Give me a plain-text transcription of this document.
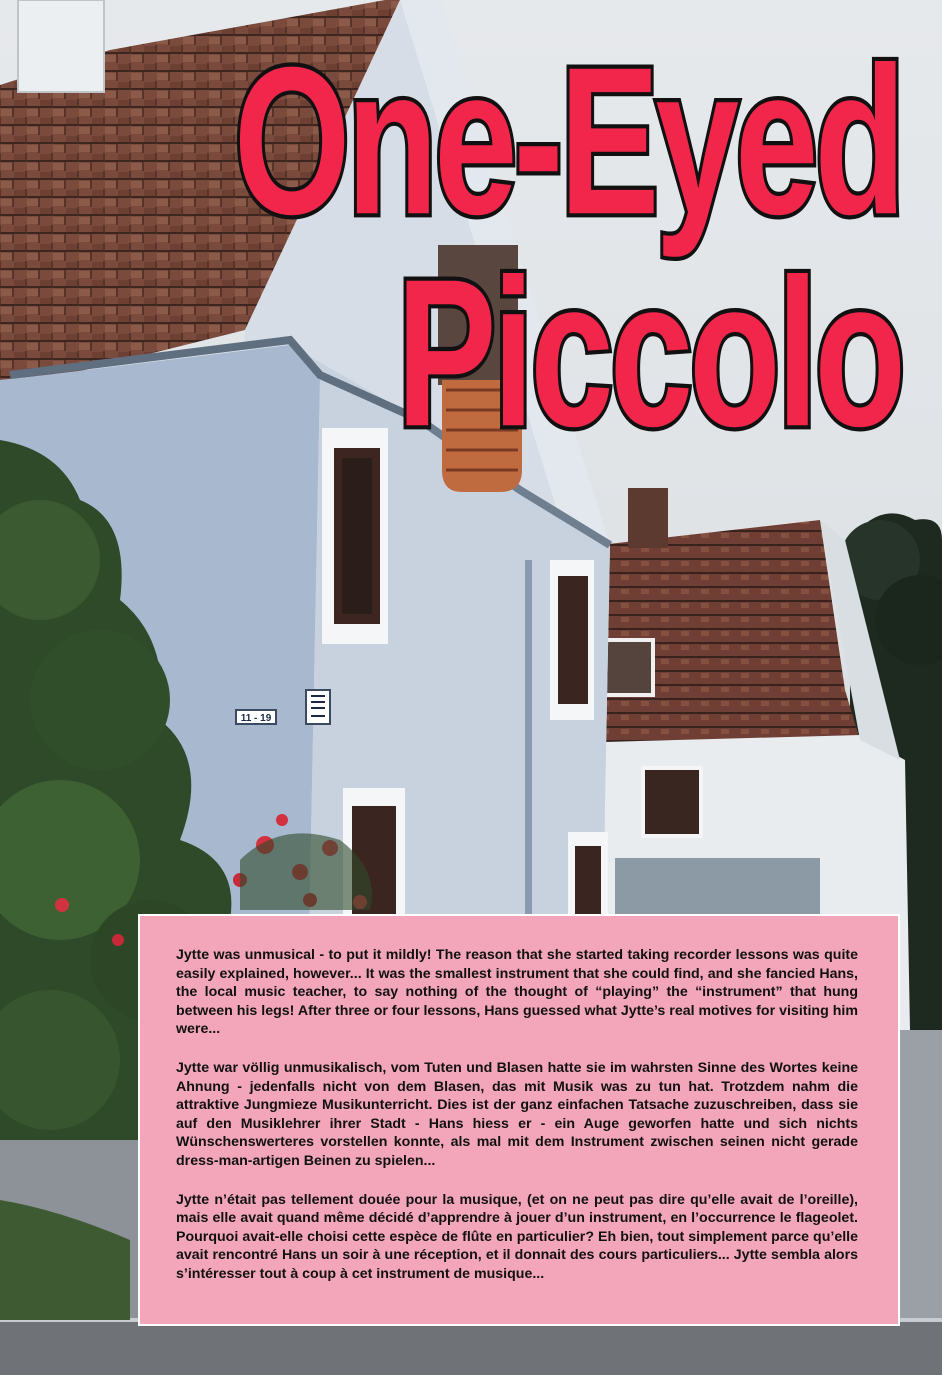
11 - 19
One-Eyed
Piccolo

Jytte was unmusical - to put it mildly! The reason that she started taking recorder lessons was quite easily explained, however... It was the smallest instrument that she could find, and she fancied Hans, the local music teacher, to say nothing of the thought of “playing” the “instrument” that hung between his legs! After three or four lessons, Hans guessed what Jytte’s real motives for visiting him were...

Jytte war völlig unmusikalisch, vom Tuten und Blasen hatte sie im wahrsten Sinne des Wortes keine Ahnung - jedenfalls nicht von dem Blasen, das mit Musik was zu tun hat. Trotzdem nahm die attraktive Jungmieze Musikunterricht. Dies ist der ganz einfachen Tatsache zuzuschreiben, dass sie auf den Musiklehrer ihrer Stadt - Hans hiess er - ein Auge geworfen hatte und sich nichts Wünschenswerteres vorstellen konnte, als mal mit dem Instrument zwischen seinen nicht gerade dress-man-artigen Beinen zu spielen...

Jytte n’était pas tellement douée pour la musique, (et on ne peut pas dire qu’elle avait de l’oreille), mais elle avait quand même décidé d’apprendre à jouer d’un instrument, en l’occurrence le flageolet. Pourquoi avait-elle choisi cette espèce de flûte en particulier? Eh bien, tout simplement parce qu’elle avait rencontré Hans un soir à une réception, et il donnait des cours particuliers... Jytte sembla alors s’intéresser tout à coup à cet instrument de musique...
